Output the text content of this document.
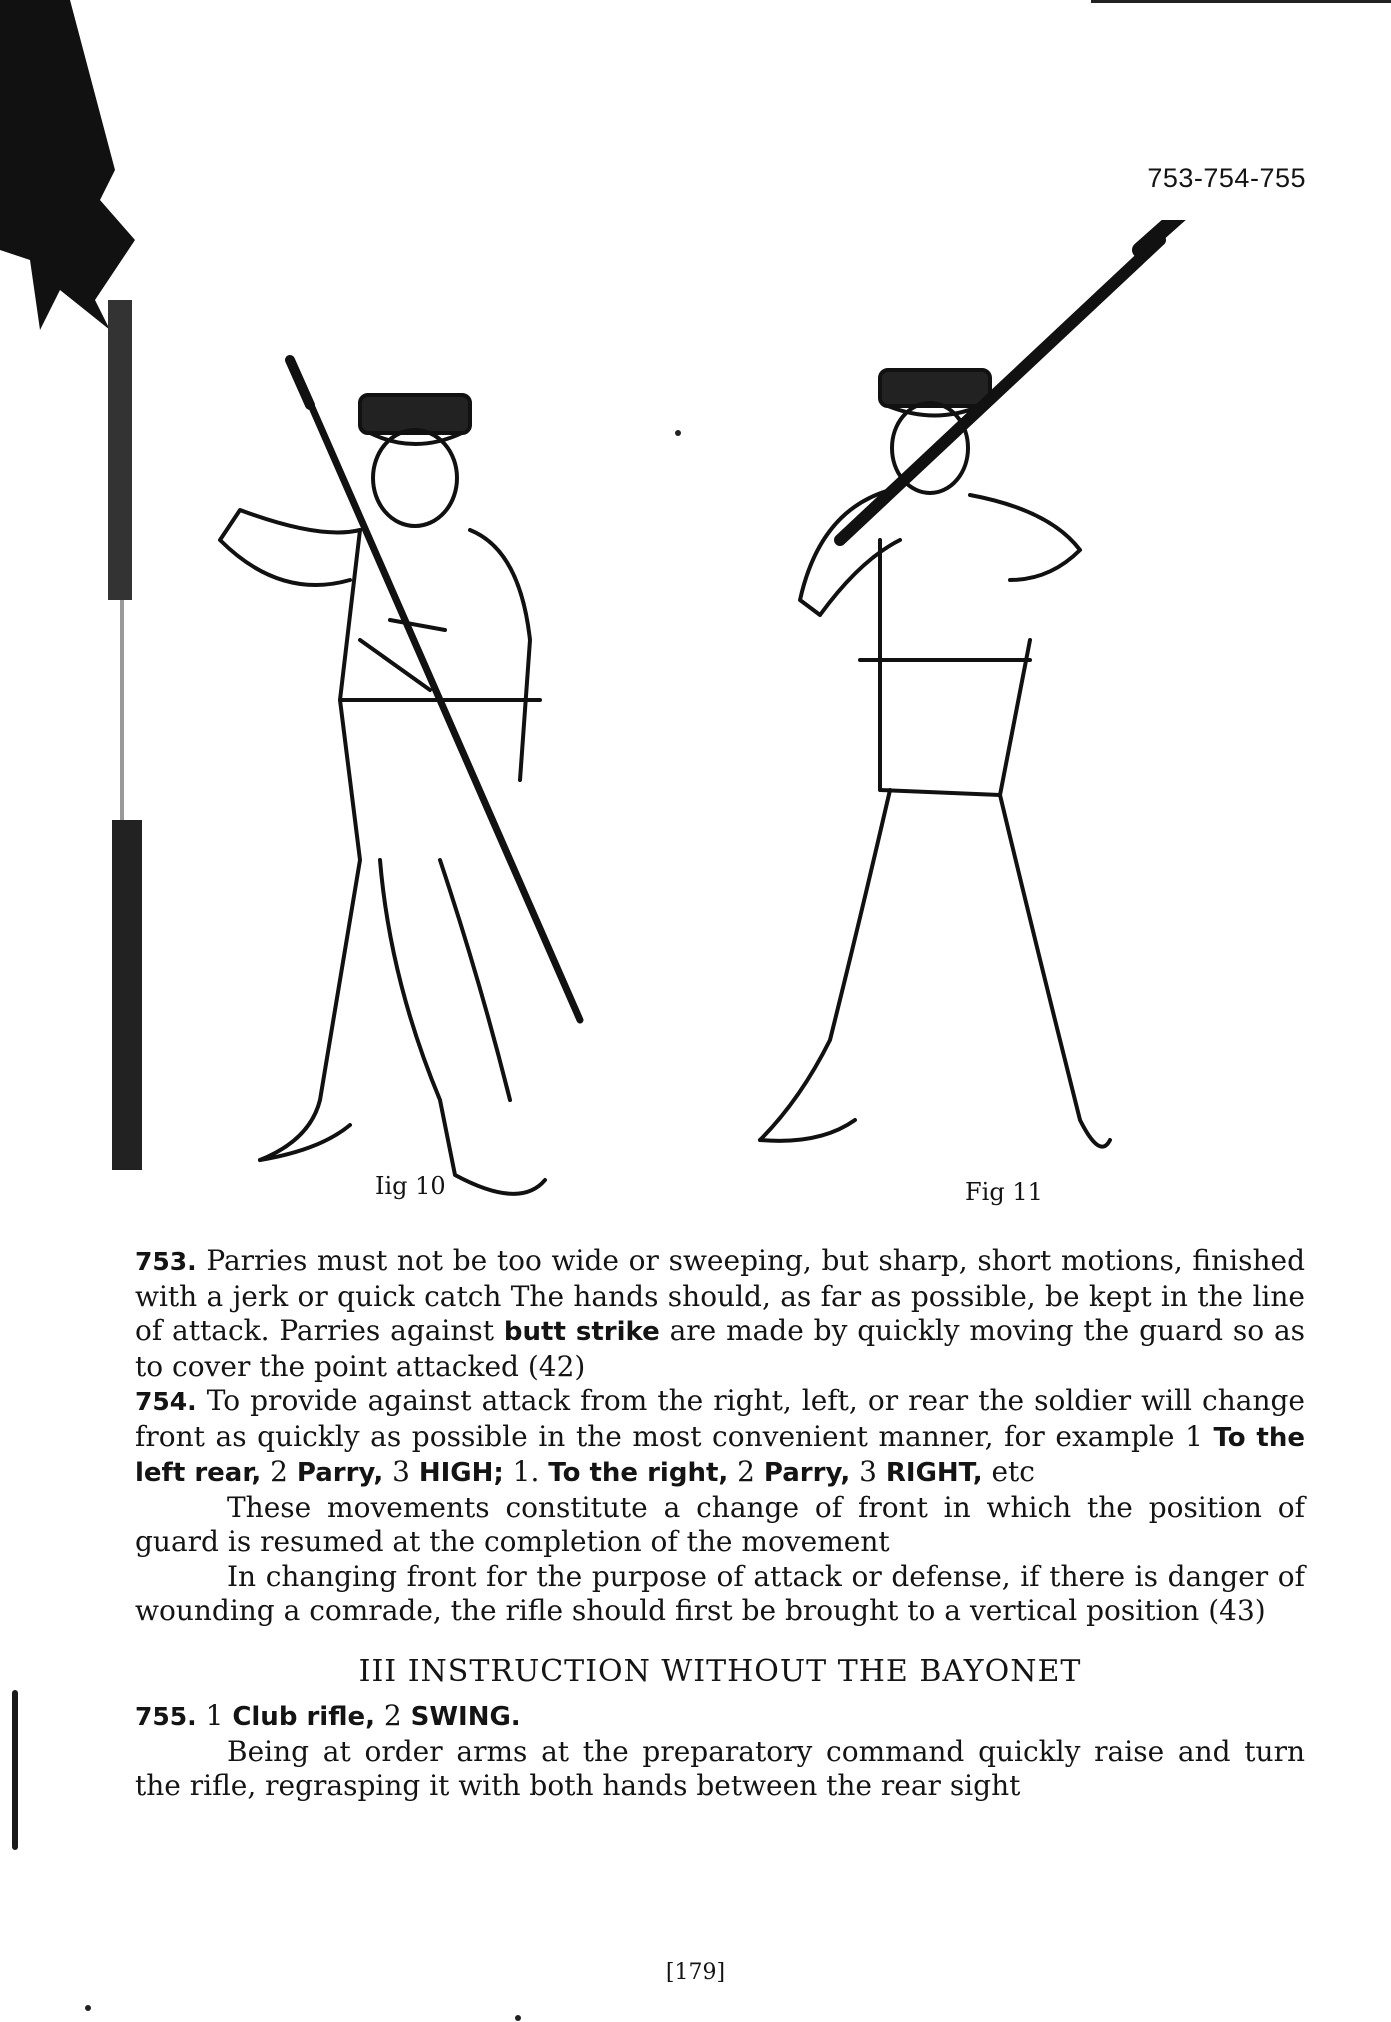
753-754-755
Iig 10	Fig 11

753. Parries must not be too wide or sweeping, but sharp, short motions, finished with a jerk or quick catch The hands should, as far as possible, be kept in the line of attack. Parries against butt strike are made by quickly moving the guard so as to cover the point attacked (42)

754. To provide against attack from the right, left, or rear the soldier will change front as quickly as possible in the most convenient manner, for example 1 To the left rear, 2 Parry, 3 HIGH; 1. To the right, 2 Parry, 3 RIGHT, etc

These movements constitute a change of front in which the position of guard is resumed at the completion of the movement

In changing front for the purpose of attack or defense, if there is danger of wounding a comrade, the rifle should first be brought to a vertical position (43)

III INSTRUCTION WITHOUT THE BAYONET

755. 1 Club rifle, 2 SWING.

Being at order arms at the preparatory command quickly raise and turn the rifle, regrasping it with both hands between the rear sight

[179]
